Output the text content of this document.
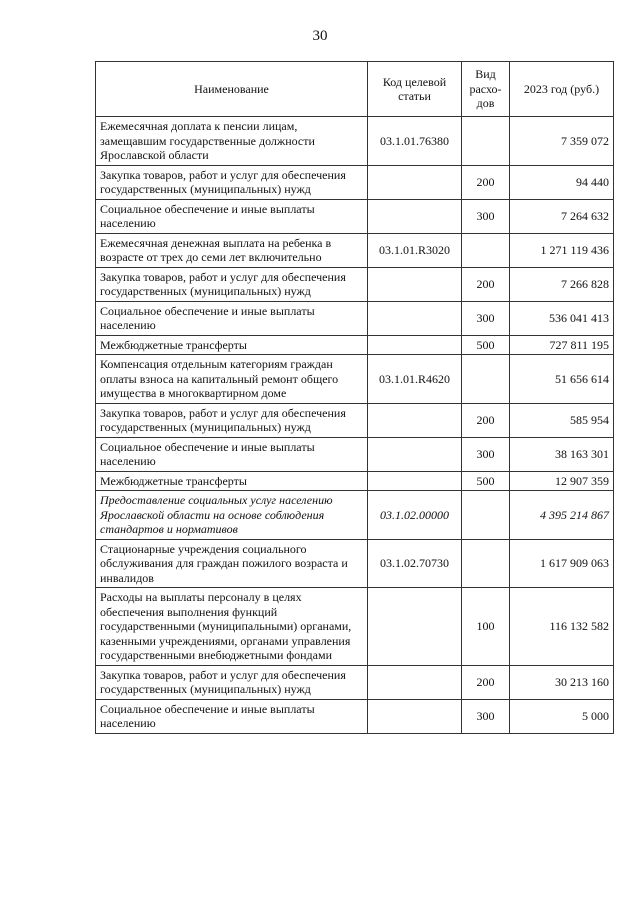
30
Наименование	Код целевой статьи	Вид расхо-дов	2023 год (руб.)
Ежемесячная доплата к пенсии лицам, замещавшим государственные должности Ярославской области	03.1.01.76380		7 359 072
Закупка товаров, работ и услуг для обеспечения государственных (муниципальных) нужд		200	94 440
Социальное обеспечение и иные выплаты населению		300	7 264 632
Ежемесячная денежная выплата на ребенка в возрасте от трех до семи лет включительно	03.1.01.R3020		1 271 119 436
Закупка товаров, работ и услуг для обеспечения государственных (муниципальных) нужд		200	7 266 828
Социальное обеспечение и иные выплаты населению		300	536 041 413
Межбюджетные трансферты		500	727 811 195
Компенсация отдельным категориям граждан оплаты взноса на капитальный ремонт общего имущества в многоквартирном доме	03.1.01.R4620		51 656 614
Закупка товаров, работ и услуг для обеспечения государственных (муниципальных) нужд		200	585 954
Социальное обеспечение и иные выплаты населению		300	38 163 301
Межбюджетные трансферты		500	12 907 359
Предоставление социальных услуг населению Ярославской области на основе соблюдения стандартов и нормативов	03.1.02.00000		4 395 214 867
Стационарные учреждения социального обслуживания для граждан пожилого возраста и инвалидов	03.1.02.70730		1 617 909 063
Расходы на выплаты персоналу в целях обеспечения выполнения функций государственными (муниципальными) органами, казенными учреждениями, органами управления государственными внебюджетными фондами		100	116 132 582
Закупка товаров, работ и услуг для обеспечения государственных (муниципальных) нужд		200	30 213 160
Социальное обеспечение и иные выплаты населению		300	5 000
